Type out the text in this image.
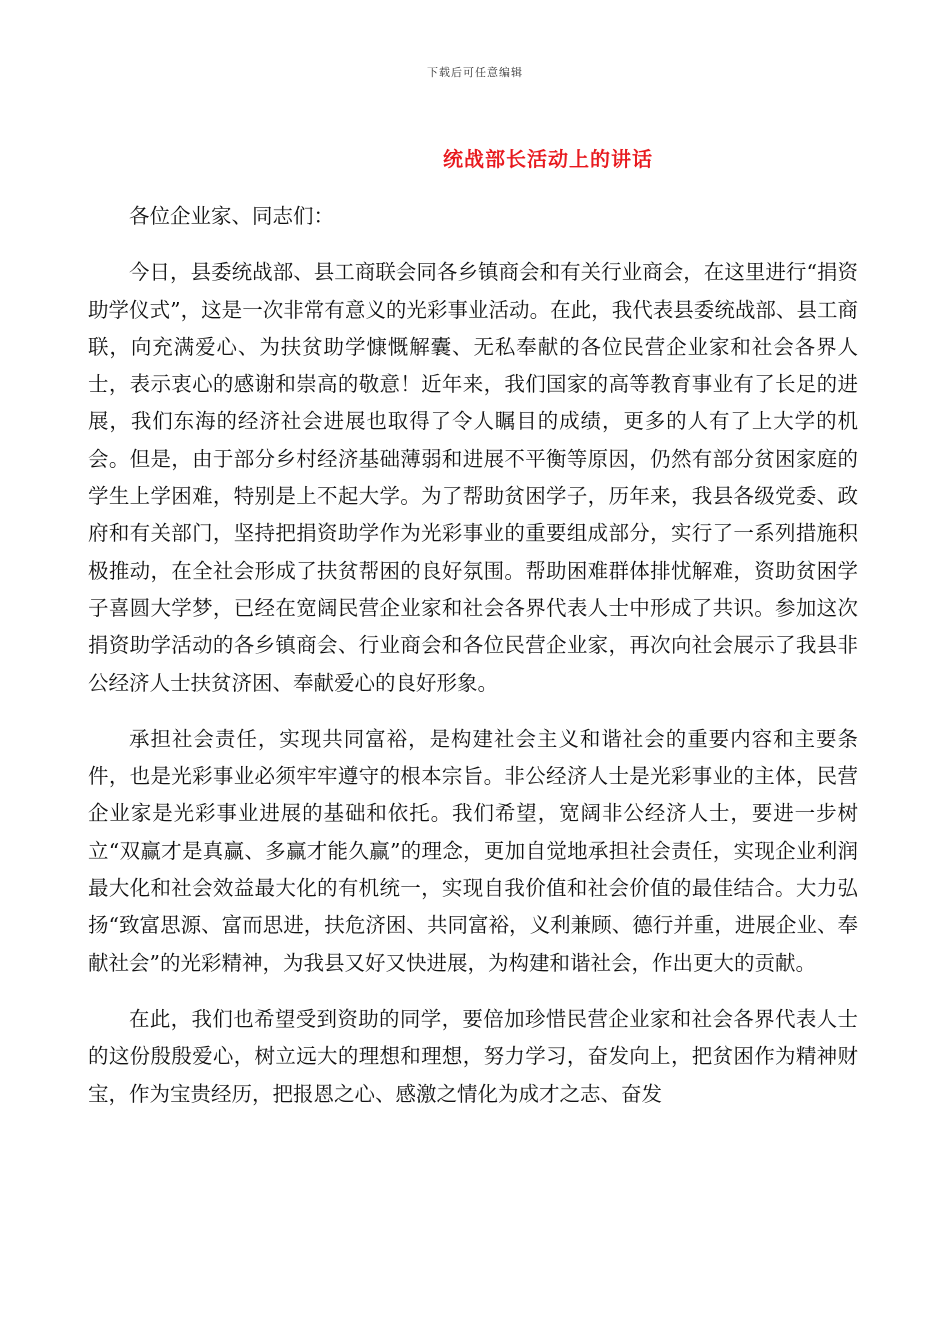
下载后可任意编辑
统战部长活动上的讲话

各位企业家、同志们：

今日，县委统战部、县工商联会同各乡镇商会和有关行业商会，在这里进行“捐资助学仪式”，这是一次非常有意义的光彩事业活动。在此，我代表县委统战部、县工商联，向充满爱心、为扶贫助学慷慨解囊、无私奉献的各位民营企业家和社会各界人士，表示衷心的感谢和崇高的敬意！近年来，我们国家的高等教育事业有了长足的进展，我们东海的经济社会进展也取得了令人瞩目的成绩，更多的人有了上大学的机会。但是，由于部分乡村经济基础薄弱和进展不平衡等原因，仍然有部分贫困家庭的学生上学困难，特别是上不起大学。为了帮助贫困学子，历年来，我县各级党委、政府和有关部门，坚持把捐资助学作为光彩事业的重要组成部分，实行了一系列措施积极推动，在全社会形成了扶贫帮困的良好氛围。帮助困难群体排忧解难，资助贫困学子喜圆大学梦，已经在宽阔民营企业家和社会各界代表人士中形成了共识。参加这次捐资助学活动的各乡镇商会、行业商会和各位民营企业家，再次向社会展示了我县非公经济人士扶贫济困、奉献爱心的良好形象。

承担社会责任，实现共同富裕，是构建社会主义和谐社会的重要内容和主要条件，也是光彩事业必须牢牢遵守的根本宗旨。非公经济人士是光彩事业的主体，民营企业家是光彩事业进展的基础和依托。我们希望，宽阔非公经济人士，要进一步树立“双赢才是真赢、多赢才能久赢”的理念，更加自觉地承担社会责任，实现企业利润最大化和社会效益最大化的有机统一，实现自我价值和社会价值的最佳结合。大力弘扬“致富思源、富而思进，扶危济困、共同富裕，义利兼顾、德行并重，进展企业、奉献社会”的光彩精神，为我县又好又快进展，为构建和谐社会，作出更大的贡献。

在此，我们也希望受到资助的同学，要倍加珍惜民营企业家和社会各界代表人士的这份殷殷爱心，树立远大的理想和理想，努力学习，奋发向上，把贫困作为精神财宝，作为宝贵经历，把报恩之心、感激之情化为成才之志、奋发
